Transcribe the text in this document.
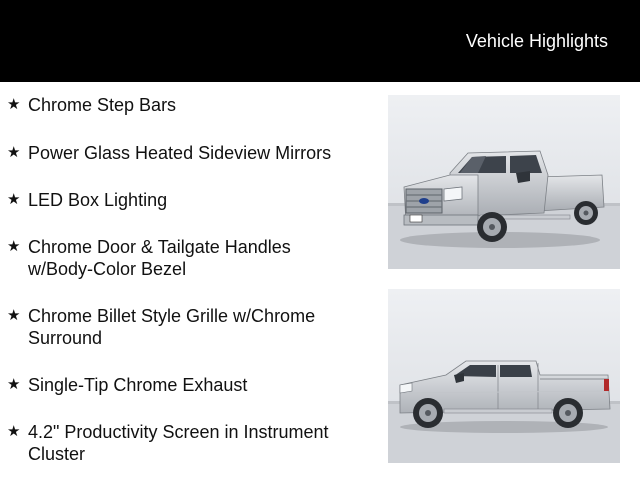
Vehicle Highlights
★ Chrome Step Bars
★ Power Glass Heated Sideview Mirrors
★ LED Box Lighting
★ Chrome Door & Tailgate Handles w/Body-Color Bezel
★ Chrome Billet Style Grille w/Chrome Surround
★ Single-Tip Chrome Exhaust
★ 4.2" Productivity Screen in Instrument Cluster
